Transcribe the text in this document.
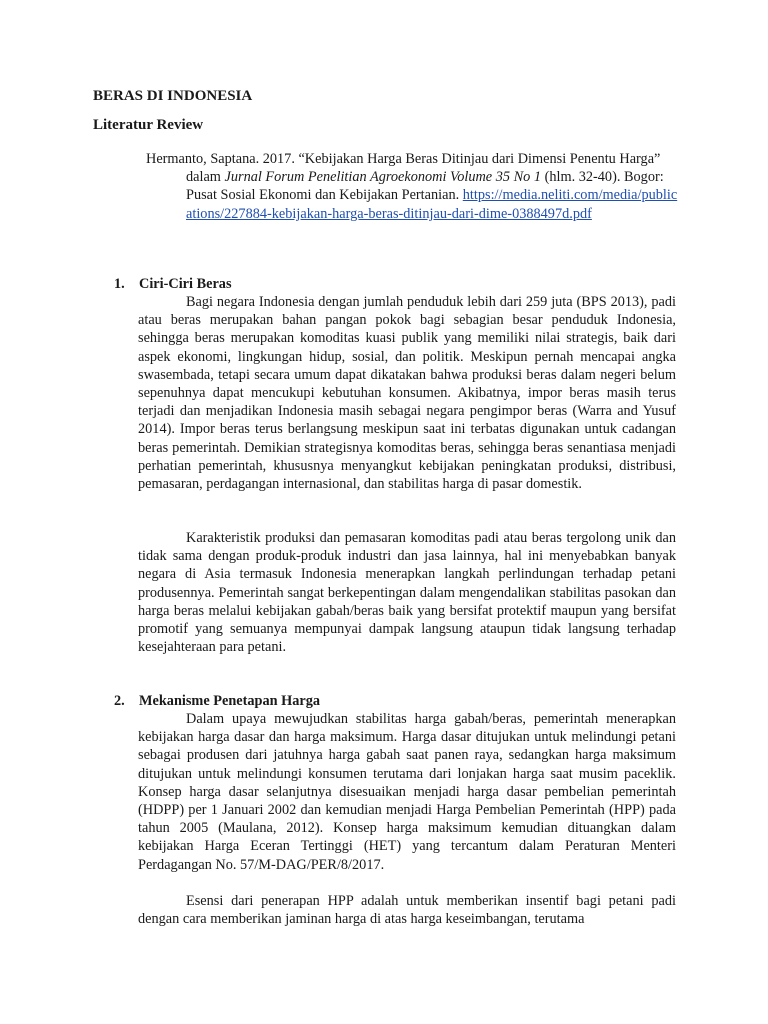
BERAS DI INDONESIA
Literatur Review
Hermanto, Saptana. 2017. “Kebijakan Harga Beras Ditinjau dari Dimensi Penentu Harga” dalam Jurnal Forum Penelitian Agroekonomi Volume 35 No 1 (hlm. 32-40). Bogor: Pusat Sosial Ekonomi dan Kebijakan Pertanian. https://media.neliti.com/media/publications/227884-kebijakan-harga-beras-ditinjau-dari-dime-0388497d.pdf
1. Ciri-Ciri Beras

Bagi negara Indonesia dengan jumlah penduduk lebih dari 259 juta (BPS 2013), padi atau beras merupakan bahan pangan pokok bagi sebagian besar penduduk Indonesia, sehingga beras merupakan komoditas kuasi publik yang memiliki nilai strategis, baik dari aspek ekonomi, lingkungan hidup, sosial, dan politik. Meskipun pernah mencapai angka swasembada, tetapi secara umum dapat dikatakan bahwa produksi beras dalam negeri belum sepenuhnya dapat mencukupi kebutuhan konsumen. Akibatnya, impor beras masih terus terjadi dan menjadikan Indonesia masih sebagai negara pengimpor beras (Warra and Yusuf 2014). Impor beras terus berlangsung meskipun saat ini terbatas digunakan untuk cadangan beras pemerintah. Demikian strategisnya komoditas beras, sehingga beras senantiasa menjadi perhatian pemerintah, khususnya menyangkut kebijakan peningkatan produksi, distribusi, pemasaran, perdagangan internasional, dan stabilitas harga di pasar domestik.

Karakteristik produksi dan pemasaran komoditas padi atau beras tergolong unik dan tidak sama dengan produk-produk industri dan jasa lainnya, hal ini menyebabkan banyak negara di Asia termasuk Indonesia menerapkan langkah perlindungan terhadap petani produsennya. Pemerintah sangat berkepentingan dalam mengendalikan stabilitas pasokan dan harga beras melalui kebijakan gabah/beras baik yang bersifat protektif maupun yang bersifat promotif yang semuanya mempunyai dampak langsung ataupun tidak langsung terhadap kesejahteraan para petani.

2. Mekanisme Penetapan Harga

Dalam upaya mewujudkan stabilitas harga gabah/beras, pemerintah menerapkan kebijakan harga dasar dan harga maksimum. Harga dasar ditujukan untuk melindungi petani sebagai produsen dari jatuhnya harga gabah saat panen raya, sedangkan harga maksimum ditujukan untuk melindungi konsumen terutama dari lonjakan harga saat musim paceklik. Konsep harga dasar selanjutnya disesuaikan menjadi harga dasar pembelian pemerintah (HDPP) per 1 Januari 2002 dan kemudian menjadi Harga Pembelian Pemerintah (HPP) pada tahun 2005 (Maulana, 2012). Konsep harga maksimum kemudian dituangkan dalam kebijakan Harga Eceran Tertinggi (HET) yang tercantum dalam Peraturan Menteri Perdagangan No. 57/M-DAG/PER/8/2017.

Esensi dari penerapan HPP adalah untuk memberikan insentif bagi petani padi dengan cara memberikan jaminan harga di atas harga keseimbangan, terutama
